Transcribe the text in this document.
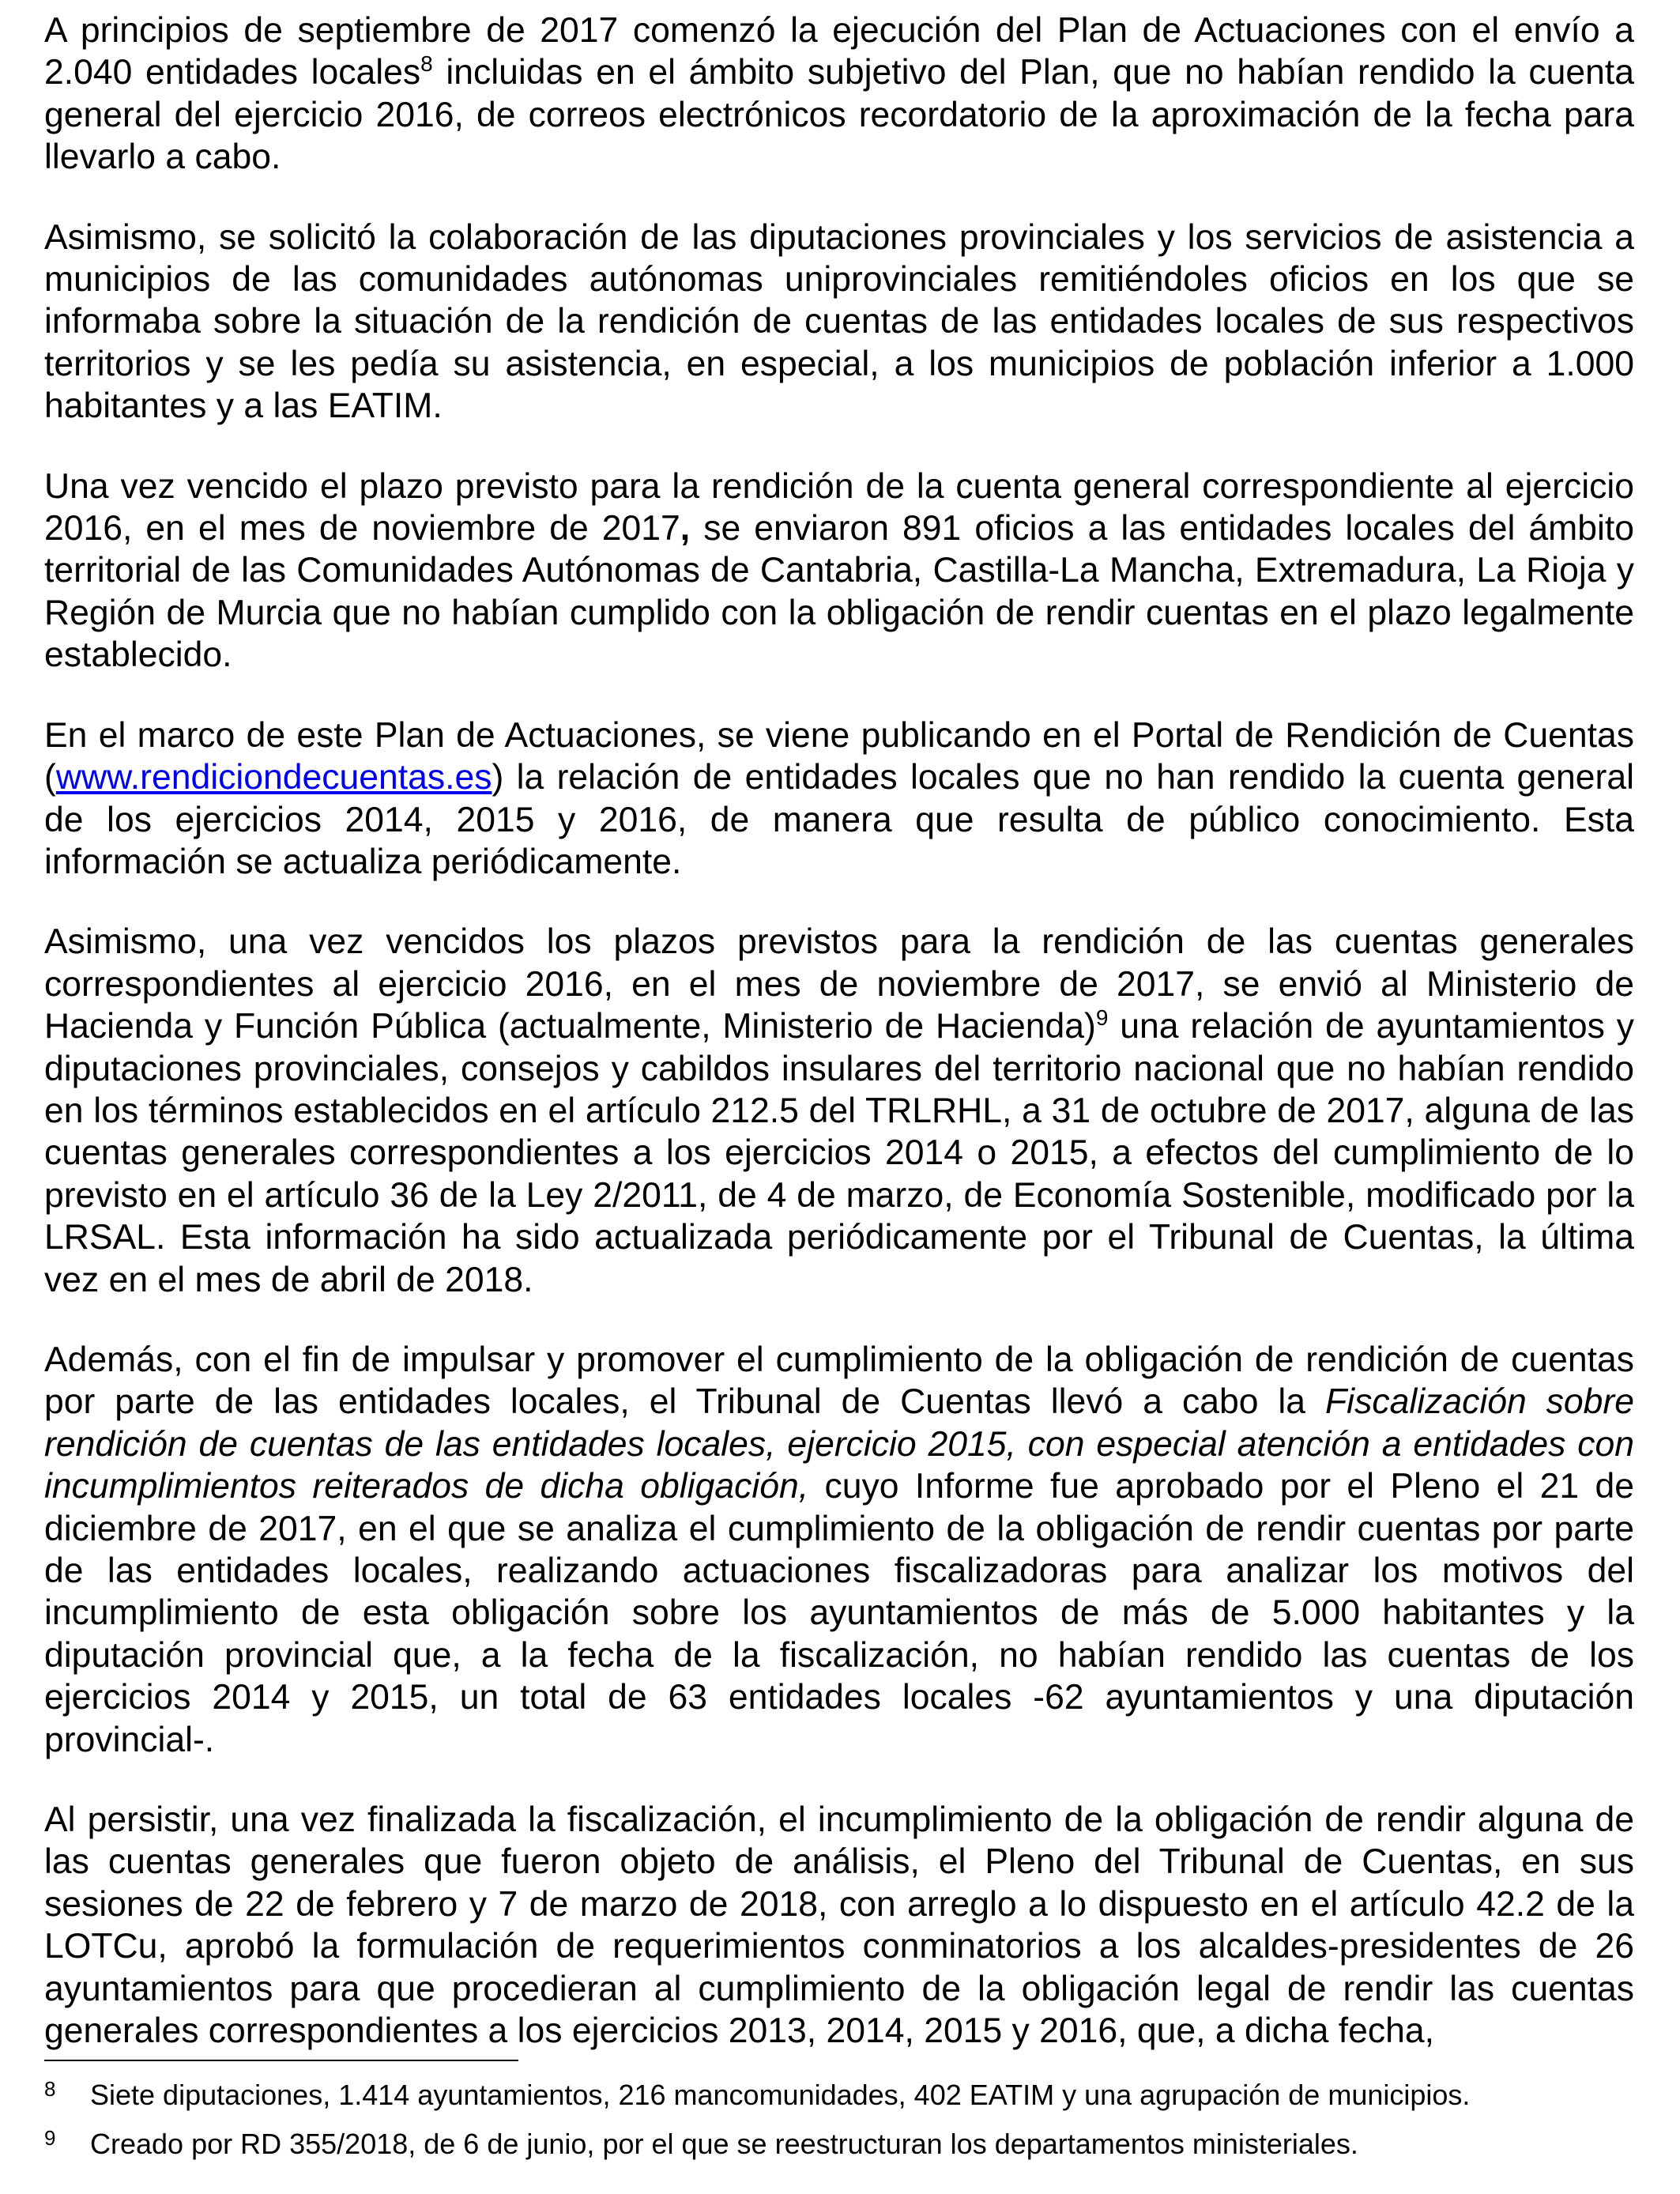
A principios de septiembre de 2017 comenzó la ejecución del Plan de Actuaciones con el envío a 2.040 entidades locales$^8$ incluidas en el ámbito subjetivo del Plan, que no habían rendido la cuenta general del ejercicio 2016, de correos electrónicos recordatorio de la aproximación de la fecha para llevarlo a cabo.

Asimismo, se solicitó la colaboración de las diputaciones provinciales y los servicios de asistencia a municipios de las comunidades autónomas uniprovinciales remitiéndoles oficios en los que se informaba sobre la situación de la rendición de cuentas de las entidades locales de sus respectivos territorios y se les pedía su asistencia, en especial, a los municipios de población inferior a 1.000 habitantes y a las EATIM.

Una vez vencido el plazo previsto para la rendición de la cuenta general correspondiente al ejercicio 2016, en el mes de noviembre de 2017, se enviaron 891 oficios a las entidades locales del ámbito territorial de las Comunidades Autónomas de Cantabria, Castilla-La Mancha, Extremadura, La Rioja y Región de Murcia que no habían cumplido con la obligación de rendir cuentas en el plazo legalmente establecido.

En el marco de este Plan de Actuaciones, se viene publicando en el Portal de Rendición de Cuentas (www.rendiciondecuentas.es) la relación de entidades locales que no han rendido la cuenta general de los ejercicios 2014, 2015 y 2016, de manera que resulta de público conocimiento. Esta información se actualiza periódicamente.

Asimismo, una vez vencidos los plazos previstos para la rendición de las cuentas generales correspondientes al ejercicio 2016, en el mes de noviembre de 2017, se envió al Ministerio de Hacienda y Función Pública (actualmente, Ministerio de Hacienda)$^9$ una relación de ayuntamientos y diputaciones provinciales, consejos y cabildos insulares del territorio nacional que no habían rendido en los términos establecidos en el artículo 212.5 del TRLRHL, a 31 de octubre de 2017, alguna de las cuentas generales correspondientes a los ejercicios 2014 o 2015, a efectos del cumplimiento de lo previsto en el artículo 36 de la Ley 2/2011, de 4 de marzo, de Economía Sostenible, modificado por la LRSAL. Esta información ha sido actualizada periódicamente por el Tribunal de Cuentas, la última vez en el mes de abril de 2018.

Además, con el fin de impulsar y promover el cumplimiento de la obligación de rendición de cuentas por parte de las entidades locales, el Tribunal de Cuentas llevó a cabo la Fiscalización sobre rendición de cuentas de las entidades locales, ejercicio 2015, con especial atención a entidades con incumplimientos reiterados de dicha obligación, cuyo Informe fue aprobado por el Pleno el 21 de diciembre de 2017, en el que se analiza el cumplimiento de la obligación de rendir cuentas por parte de las entidades locales, realizando actuaciones fiscalizadoras para analizar los motivos del incumplimiento de esta obligación sobre los ayuntamientos de más de 5.000 habitantes y la diputación provincial que, a la fecha de la fiscalización, no habían rendido las cuentas de los ejercicios 2014 y 2015, un total de 63 entidades locales -62 ayuntamientos y una diputación provincial-.

Al persistir, una vez finalizada la fiscalización, el incumplimiento de la obligación de rendir alguna de las cuentas generales que fueron objeto de análisis, el Pleno del Tribunal de Cuentas, en sus sesiones de 22 de febrero y 7 de marzo de 2018, con arreglo a lo dispuesto en el artículo 42.2 de la LOTCu, aprobó la formulación de requerimientos conminatorios a los alcaldes-presidentes de 26 ayuntamientos para que procedieran al cumplimiento de la obligación legal de rendir las cuentas generales correspondientes a los ejercicios 2013, 2014, 2015 y 2016, que, a dicha fecha,

8 Siete diputaciones, 1.414 ayuntamientos, 216 mancomunidades, 402 EATIM y una agrupación de municipios.
9 Creado por RD 355/2018, de 6 de junio, por el que se reestructuran los departamentos ministeriales.
